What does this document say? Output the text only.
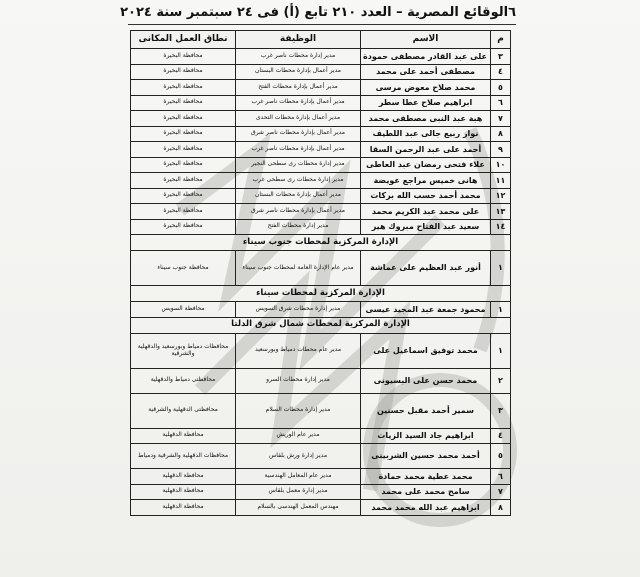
٦
الوقائع المصرية – العدد ٢١٠ تابع (أ) فى ٢٤ سبتمبر سنة ٢٠٢٤
م	الاسم	الوظيفة	نطاق العمل المكانى
٣	على عبد القادر مصطفى حمودة	مدير إدارة محطات ناصر غرب	محافظة البحيرة
٤	مصطفى أحمد على محمد	مدير أعمال بإدارة محطات البستان	محافظة البحيرة
٥	محمد صلاح معوض مرسى	مدير أعمال بإدارة محطات الفتح	محافظة البحيرة
٦	ابراهيم صلاح عطا سطر	مدير أعمال بإدارة محطات ناصر غرب	محافظة البحيرة
٧	هبة عبد النبى مصطفى محمد	مدير أعمال بإدارة محطات التحدى	محافظة البحيرة
٨	نوار ربيع جالى عبد اللطيف	مدير أعمال بإدارة محطات ناصر شرق	محافظة البحيرة
٩	أحمد على عبد الرحمن السقا	مدير أعمال بإدارة محطات ناصر غرب	محافظة البحيرة
١٠	علاء فتحى رمضان عبد العاطى	مدير إدارة محطات رى سطحى النجير	محافظة البحيرة
١١	هانى خميس مراجع عويضة	مدير إدارة محطات رى سطحى غرب	محافظة البحيرة
١٢	محمد أحمد حسب الله بركات	مدير أعمال بإدارة محطات البستان	محافظة البحيرة
١٣	على محمد عبد الكريم محمد	مدير أعمال بإدارة محطات ناصر شرق	محافظة البحيرة
١٤	سعيد عبد الفتاح مبروك هير	مدير إدارة محطات الفتح	محافظة البحيرة
الإدارة المركزية لمحطات جنوب سيناء			
١	أنور عبد العظيم على عماشة	مدير عام الإدارة العامة لمحطات جنوب سيناء	محافظة جنوب سيناء
الإدارة المركزية لمحطات سيناء			
١	محمود جمعة عبد المجيد عيسى	مدير إدارة محطات شرق السويس	محافظة السويس
الإدارة المركزية لمحطات شمال شرق الدلتا			
١	محمد توفيق اسماعيل على	مدير عام محطات دمياط وبورسعيد	محافظات دمياط وبورسعيد والدقهلية والشرقية
٢	محمد حسن على البسيونى	مدير إدارة محطات السرو	محافظتى دمياط والدقهلية
٣	سمير أحمد مقبل حسنين	مدير إدارة محطات السلام	محافظتى الدقهلية والشرقية
٤	ابراهيم جاد السيد الزيات	مدير عام الوريش	محافظة الدقهلية
٥	أحمد محمد حسين الشربينى	مدير إدارة ورش بلقاس	محافظات الدقهلية والشرقية ودمياط
٦	محمد عطية محمد حمادة	مدير عام المعامل الهندسية	محافظة الدقهلية
٧	سامح محمد على محمد	مدير إدارة معمل بلقاس	محافظة الدقهلية
٨	ابراهيم عبد الله محمد محمد	مهندس المعمل الهندسى بالسلام	محافظة الدقهلية
